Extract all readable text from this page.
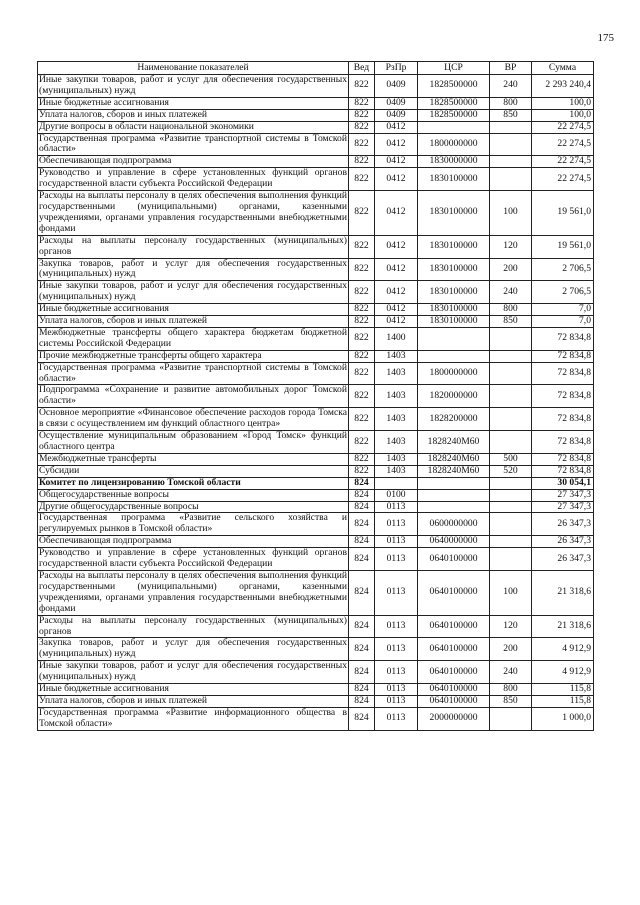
175
Наименование показателей	Вед	РзПр	ЦСР	ВР	Сумма
Иные закупки товаров, работ и услуг для обеспечения государственных (муниципальных) нужд	822	0409	1828500000	240	2 293 240,4
Иные бюджетные ассигнования	822	0409	1828500000	800	100,0
Уплата налогов, сборов и иных платежей	822	0409	1828500000	850	100,0
Другие вопросы в области национальной экономики	822	0412			22 274,5
Государственная программа «Развитие транспортной системы в Томской области»	822	0412	1800000000		22 274,5
Обеспечивающая подпрограмма	822	0412	1830000000		22 274,5
Руководство и управление в сфере установленных функций органов государственной власти субъекта Российской Федерации	822	0412	1830100000		22 274,5
Расходы на выплаты персоналу в целях обеспечения выполнения функций государственными (муниципальными) органами, казенными учреждениями, органами управления государственными внебюджетными фондами	822	0412	1830100000	100	19 561,0
Расходы на выплаты персоналу государственных (муниципальных) органов	822	0412	1830100000	120	19 561,0
Закупка товаров, работ и услуг для обеспечения государственных (муниципальных) нужд	822	0412	1830100000	200	2 706,5
Иные закупки товаров, работ и услуг для обеспечения государственных (муниципальных) нужд	822	0412	1830100000	240	2 706,5
Иные бюджетные ассигнования	822	0412	1830100000	800	7,0
Уплата налогов, сборов и иных платежей	822	0412	1830100000	850	7,0
Межбюджетные трансферты общего характера бюджетам бюджетной системы Российской Федерации	822	1400			72 834,8
Прочие межбюджетные трансферты общего характера	822	1403			72 834,8
Государственная программа «Развитие транспортной системы в Томской области»	822	1403	1800000000		72 834,8
Подпрограмма «Сохранение и развитие автомобильных дорог Томской области»	822	1403	1820000000		72 834,8
Основное мероприятие «Финансовое обеспечение расходов города Томска в связи с осуществлением им функций областного центра»	822	1403	1828200000		72 834,8
Осуществление муниципальным образованием «Город Томск» функций областного центра	822	1403	1828240М60		72 834,8
Межбюджетные трансферты	822	1403	1828240М60	500	72 834,8
Субсидии	822	1403	1828240М60	520	72 834,8
Комитет по лицензированию Томской области	824				30 054,1
Общегосударственные вопросы	824	0100			27 347,3
Другие общегосударственные вопросы	824	0113			27 347,3
Государственная программа «Развитие сельского хозяйства и регулируемых рынков в Томской области»	824	0113	0600000000		26 347,3
Обеспечивающая подпрограмма	824	0113	0640000000		26 347,3
Руководство и управление в сфере установленных функций органов государственной власти субъекта Российской Федерации	824	0113	0640100000		26 347,3
Расходы на выплаты персоналу в целях обеспечения выполнения функций государственными (муниципальными) органами, казенными учреждениями, органами управления государственными внебюджетными фондами	824	0113	0640100000	100	21 318,6
Расходы на выплаты персоналу государственных (муниципальных) органов	824	0113	0640100000	120	21 318,6
Закупка товаров, работ и услуг для обеспечения государственных (муниципальных) нужд	824	0113	0640100000	200	4 912,9
Иные закупки товаров, работ и услуг для обеспечения государственных (муниципальных) нужд	824	0113	0640100000	240	4 912,9
Иные бюджетные ассигнования	824	0113	0640100000	800	115,8
Уплата налогов, сборов и иных платежей	824	0113	0640100000	850	115,8
Государственная программа «Развитие информационного общества в Томской области»	824	0113	2000000000		1 000,0
